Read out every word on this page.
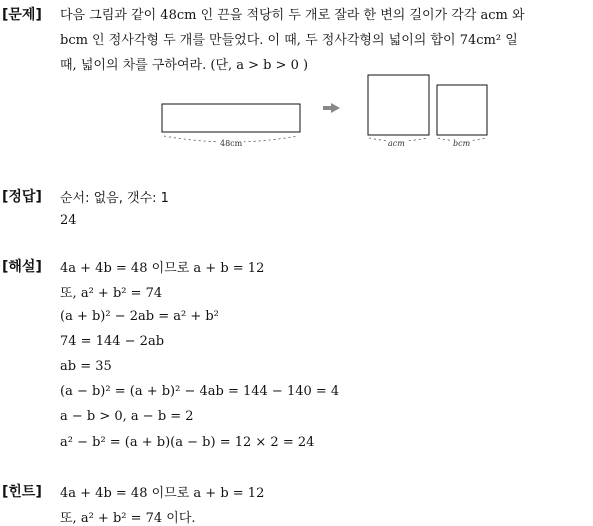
[문제] 다음 그림과 같이 48cm 인 끈을 적당히 두 개로 잘라 한 변의 길이가 각각 acm 와
bcm 인 정사각형 두 개를 만들었다. 이 때, 두 정사각형의 넓이의 합이 74cm² 일
때, 넓이의 차를 구하여라. (단, a > b > 0 )
48cm	acm	bcm
[정답] 순서: 없음, 갯수: 1
24
[해설] 4a + 4b = 48 이므로 a + b = 12
또, a² + b² = 74
(a + b)² − 2ab = a² + b²
74 = 144 − 2ab
ab = 35
(a − b)² = (a + b)² − 4ab = 144 − 140 = 4
a − b > 0, a − b = 2
a² − b² = (a + b)(a − b) = 12 × 2 = 24
[힌트] 4a + 4b = 48 이므로 a + b = 12
또, a² + b² = 74 이다.
